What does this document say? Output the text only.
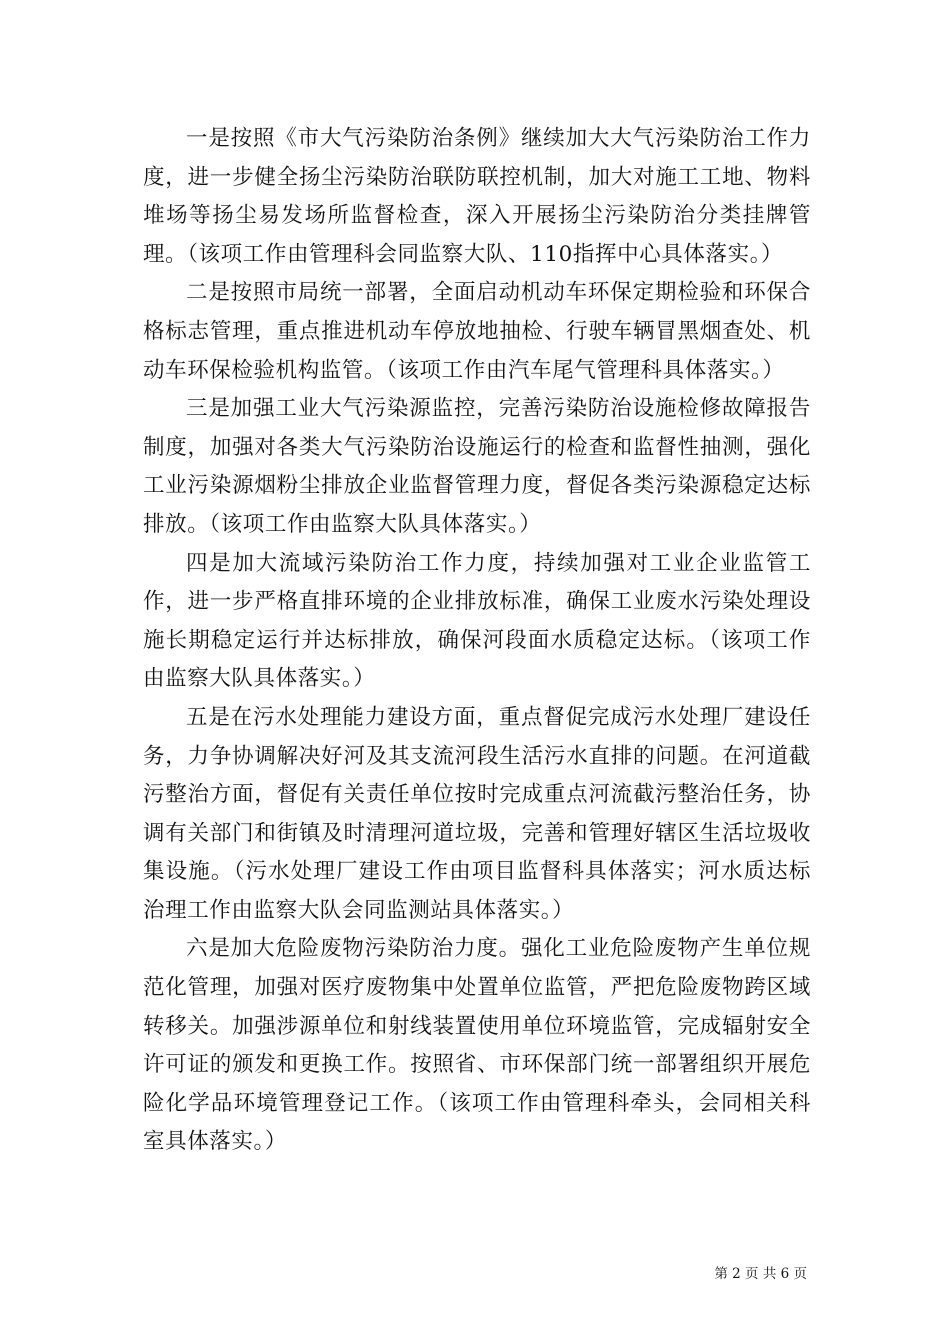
一是按照《市大气污染防治条例》继续加大大气污染防治工作力度，进一步健全扬尘污染防治联防联控机制，加大对施工工地、物料堆场等扬尘易发场所监督检查，深入开展扬尘污染防治分类挂牌管理。（该项工作由管理科会同监察大队、110指挥中心具体落实。）

二是按照市局统一部署，全面启动机动车环保定期检验和环保合格标志管理，重点推进机动车停放地抽检、行驶车辆冒黑烟查处、机动车环保检验机构监管。（该项工作由汽车尾气管理科具体落实。）

三是加强工业大气污染源监控，完善污染防治设施检修故障报告制度，加强对各类大气污染防治设施运行的检查和监督性抽测，强化工业污染源烟粉尘排放企业监督管理力度，督促各类污染源稳定达标排放。（该项工作由监察大队具体落实。）

四是加大流域污染防治工作力度，持续加强对工业企业监管工作，进一步严格直排环境的企业排放标准，确保工业废水污染处理设施长期稳定运行并达标排放，确保河段面水质稳定达标。（该项工作由监察大队具体落实。）

五是在污水处理能力建设方面，重点督促完成污水处理厂建设任务，力争协调解决好河及其支流河段生活污水直排的问题。在河道截污整治方面，督促有关责任单位按时完成重点河流截污整治任务，协调有关部门和街镇及时清理河道垃圾，完善和管理好辖区生活垃圾收集设施。（污水处理厂建设工作由项目监督科具体落实；河水质达标治理工作由监察大队会同监测站具体落实。）

六是加大危险废物污染防治力度。强化工业危险废物产生单位规范化管理，加强对医疗废物集中处置单位监管，严把危险废物跨区域转移关。加强涉源单位和射线装置使用单位环境监管，完成辐射安全许可证的颁发和更换工作。按照省、市环保部门统一部署组织开展危险化学品环境管理登记工作。（该项工作由管理科牵头，会同相关科室具体落实。）

第 2 页 共 6 页
